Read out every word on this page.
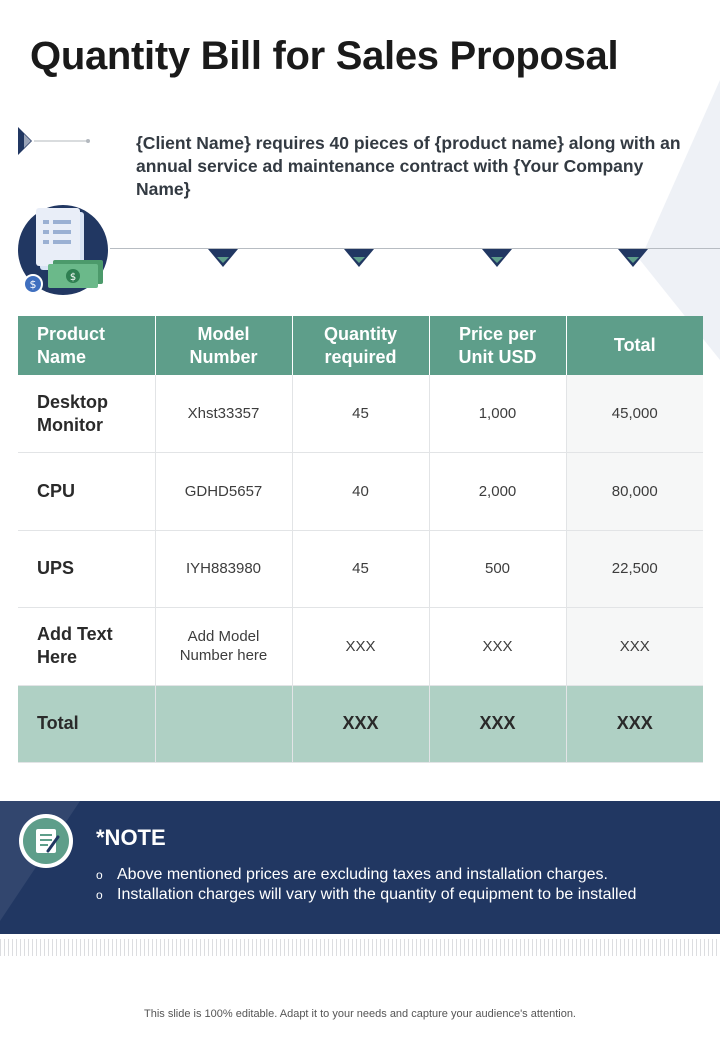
Quantity Bill for Sales Proposal

{Client Name} requires 40 pieces of {product name} along with an annual service ad maintenance contract with {Your Company Name}

$
$
Product Name	Model Number	Quantity required	Price per Unit USD	Total
Desktop Monitor	Xhst33357	45	1,000	45,000
CPU	GDHD5657	40	2,000	80,000
UPS	IYH883980	45	500	22,500
Add Text Here	Add Model Number here	XXX	XXX	XXX
Total		XXX	XXX	XXX
*NOTE
o Above mentioned prices are excluding taxes and installation charges.
o Installation charges will vary with the quantity of equipment to be installed

This slide is 100% editable. Adapt it to your needs and capture your audience's attention.
